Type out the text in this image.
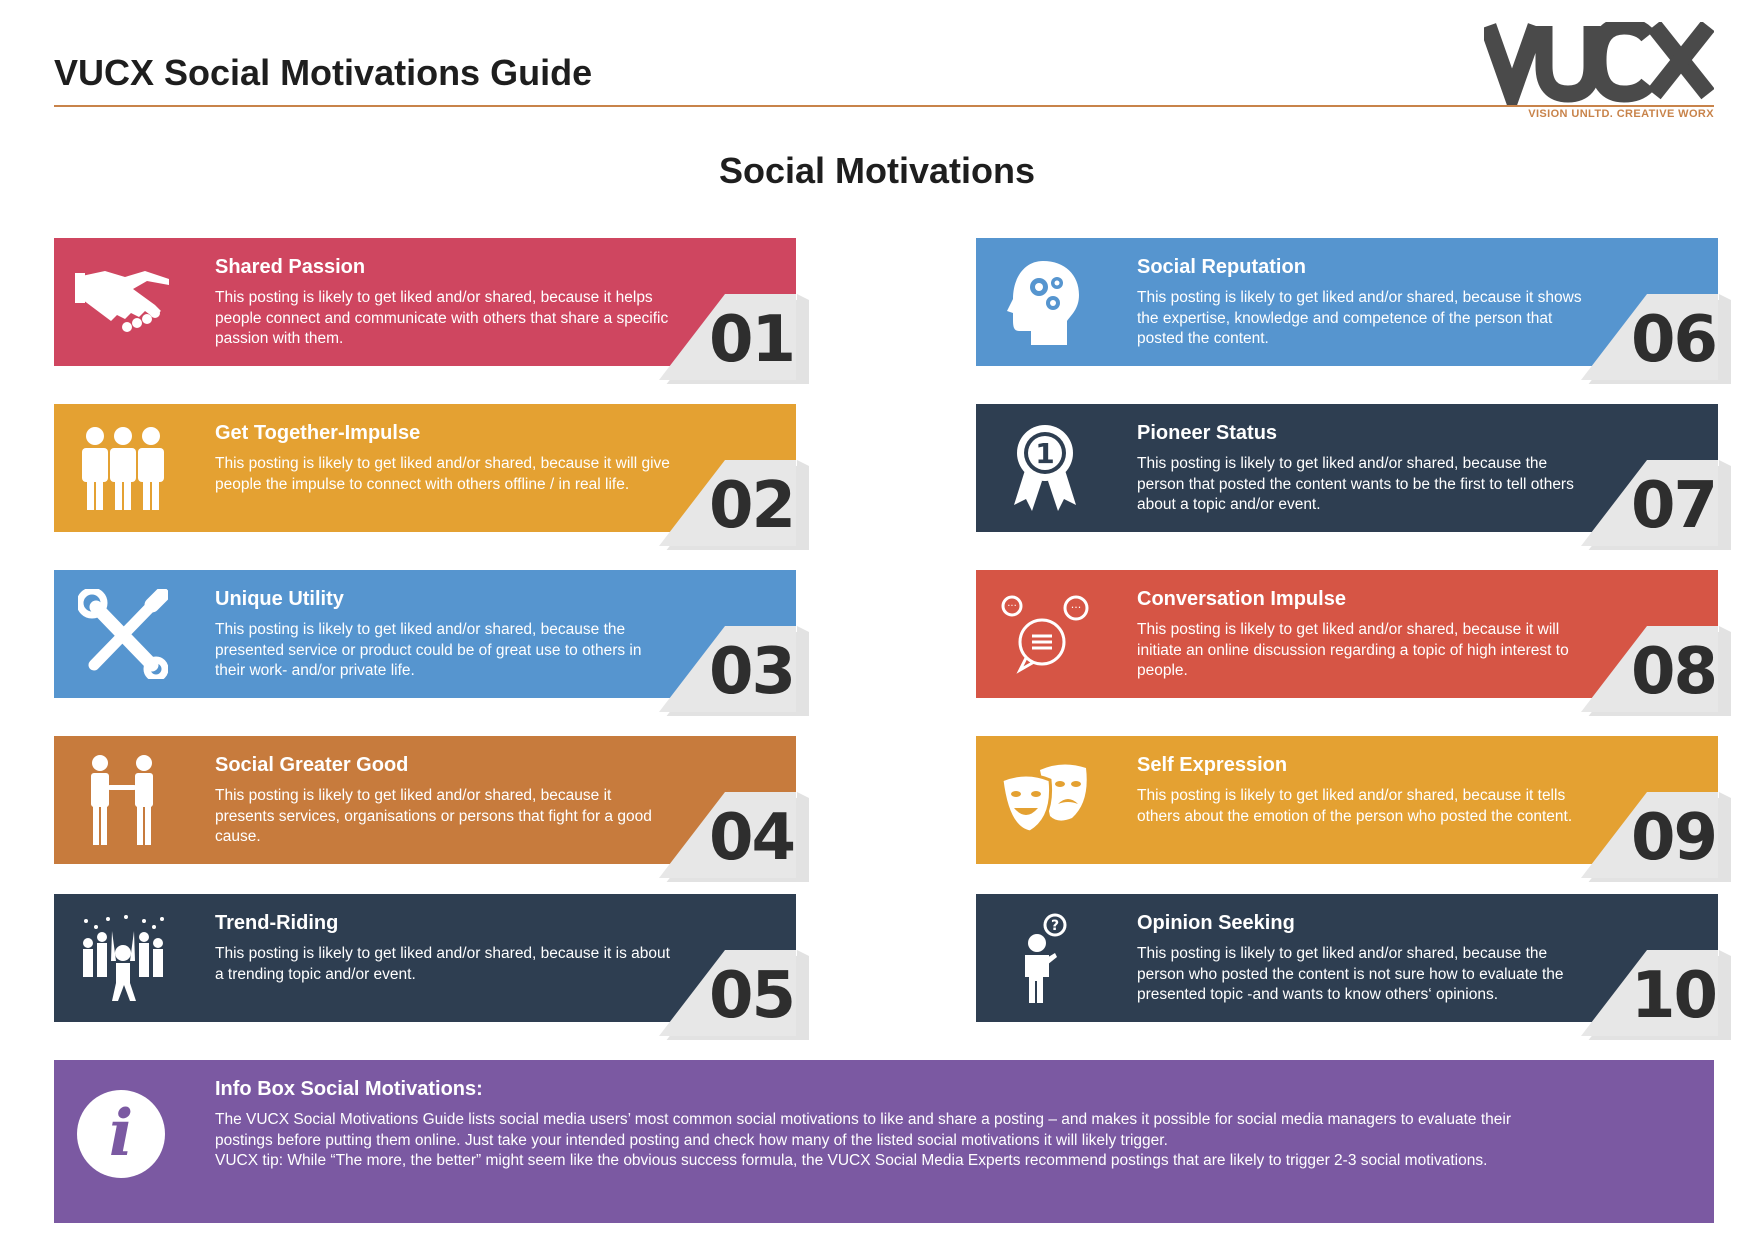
VUCX Social Motivations Guide
VISION UNLTD. CREATIVE WORX
Social Motivations
Shared Passion
This posting is likely to get liked and/or shared, because it helps people connect and communicate with others that share a specific passion with them.	01
Get Together-Impulse
This posting is likely to get liked and/or shared, because it will give people the impulse to connect with others offline / in real life.	02
Unique Utility
This posting is likely to get liked and/or shared, because the presented service or product could be of great use to others in their work- and/or private life.	03
Social Greater Good
This posting is likely to get liked and/or shared, because it presents services, organisations or persons that fight for a good cause.	04
Trend-Riding
This posting is likely to get liked and/or shared, because it is about a trending topic and/or event.	05
Social Reputation
This posting is likely to get liked and/or shared, because it shows the expertise, knowledge and competence of the person that posted the content.	06
1
Pioneer Status
This posting is likely to get liked and/or shared, because the person that posted the content wants to be the first to tell others about a topic and/or event.	07
···	···	Conversation Impulse
This posting is likely to get liked and/or shared, because it will initiate an online discussion regarding a topic of high interest to people.	08
Self Expression
This posting is likely to get liked and/or shared, because it tells others about the emotion of the person who posted the content. 09
?	Opinion Seeking
This posting is likely to get liked and/or shared, because the person who posted the content is not sure how to evaluate the presented topic -and wants to know others‘ opinions.	10
i
Info Box Social Motivations:
The VUCX Social Motivations Guide lists social media users’ most common social motivations to like and share a posting – and makes it possible for social media managers to evaluate their postings before putting them online. Just take your intended posting and check how many of the listed social motivations it will likely trigger.
VUCX tip: While “The more, the better” might seem like the obvious success formula, the VUCX Social Media Experts recommend postings that are likely to trigger 2-3 social motivations.
